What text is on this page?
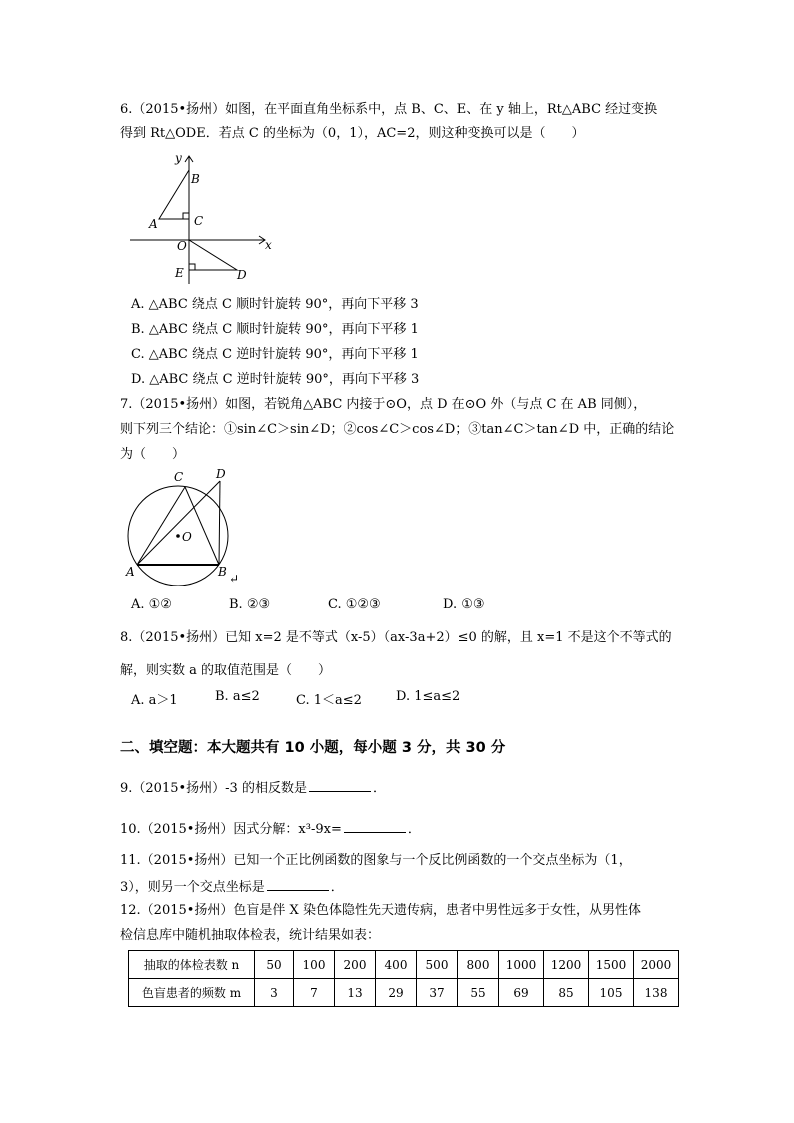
6.（2015•扬州）如图，在平面直角坐标系中，点 B、C、E、在 y 轴上，Rt△ABC 经过变换
得到 Rt△ODE．若点 C 的坐标为（0，1），AC=2，则这种变换可以是（　　）
y
x
B
A	C
O
E	D
A. △ABC 绕点 C 顺时针旋转 90°，再向下平移 3
B. △ABC 绕点 C 顺时针旋转 90°，再向下平移 1
C. △ABC 绕点 C 逆时针旋转 90°，再向下平移 1
D. △ABC 绕点 C 逆时针旋转 90°，再向下平移 3
7.（2015•扬州）如图，若锐角△ABC 内接于⊙O，点 D 在⊙O 外（与点 C 在 AB 同侧），
则下列三个结论：①sin∠C＞sin∠D；②cos∠C＞cos∠D；③tan∠C＞tan∠D 中，正确的结论
为（　　）
C	D
O
A	B ↵
A. ①②	B. ②③	C. ①②③	D. ①③
8.（2015•扬州）已知 x=2 是不等式（x-5）（ax-3a+2）≤0 的解，且 x=1 不是这个不等式的
解，则实数 a 的取值范围是（　　）
A. a＞1	B. a≤2	C. 1＜a≤2	D. 1≤a≤2
二、填空题：本大题共有 10 小题，每小题 3 分，共 30 分
9.（2015•扬州）-3 的相反数是	．
10.（2015•扬州）因式分解：x³-9x=	．
11.（2015•扬州）已知一个正比例函数的图象与一个反比例函数的一个交点坐标为（1，
3），则另一个交点坐标是	．
12.（2015•扬州）色盲是伴 X 染色体隐性先天遗传病，患者中男性远多于女性，从男性体
检信息库中随机抽取体检表，统计结果如表：
抽取的体检表数 n	50	100	200	400	500	800	1000	1200	1500	2000
色盲患者的频数 m	3	7	13	29	37	55	69	85	105	138
